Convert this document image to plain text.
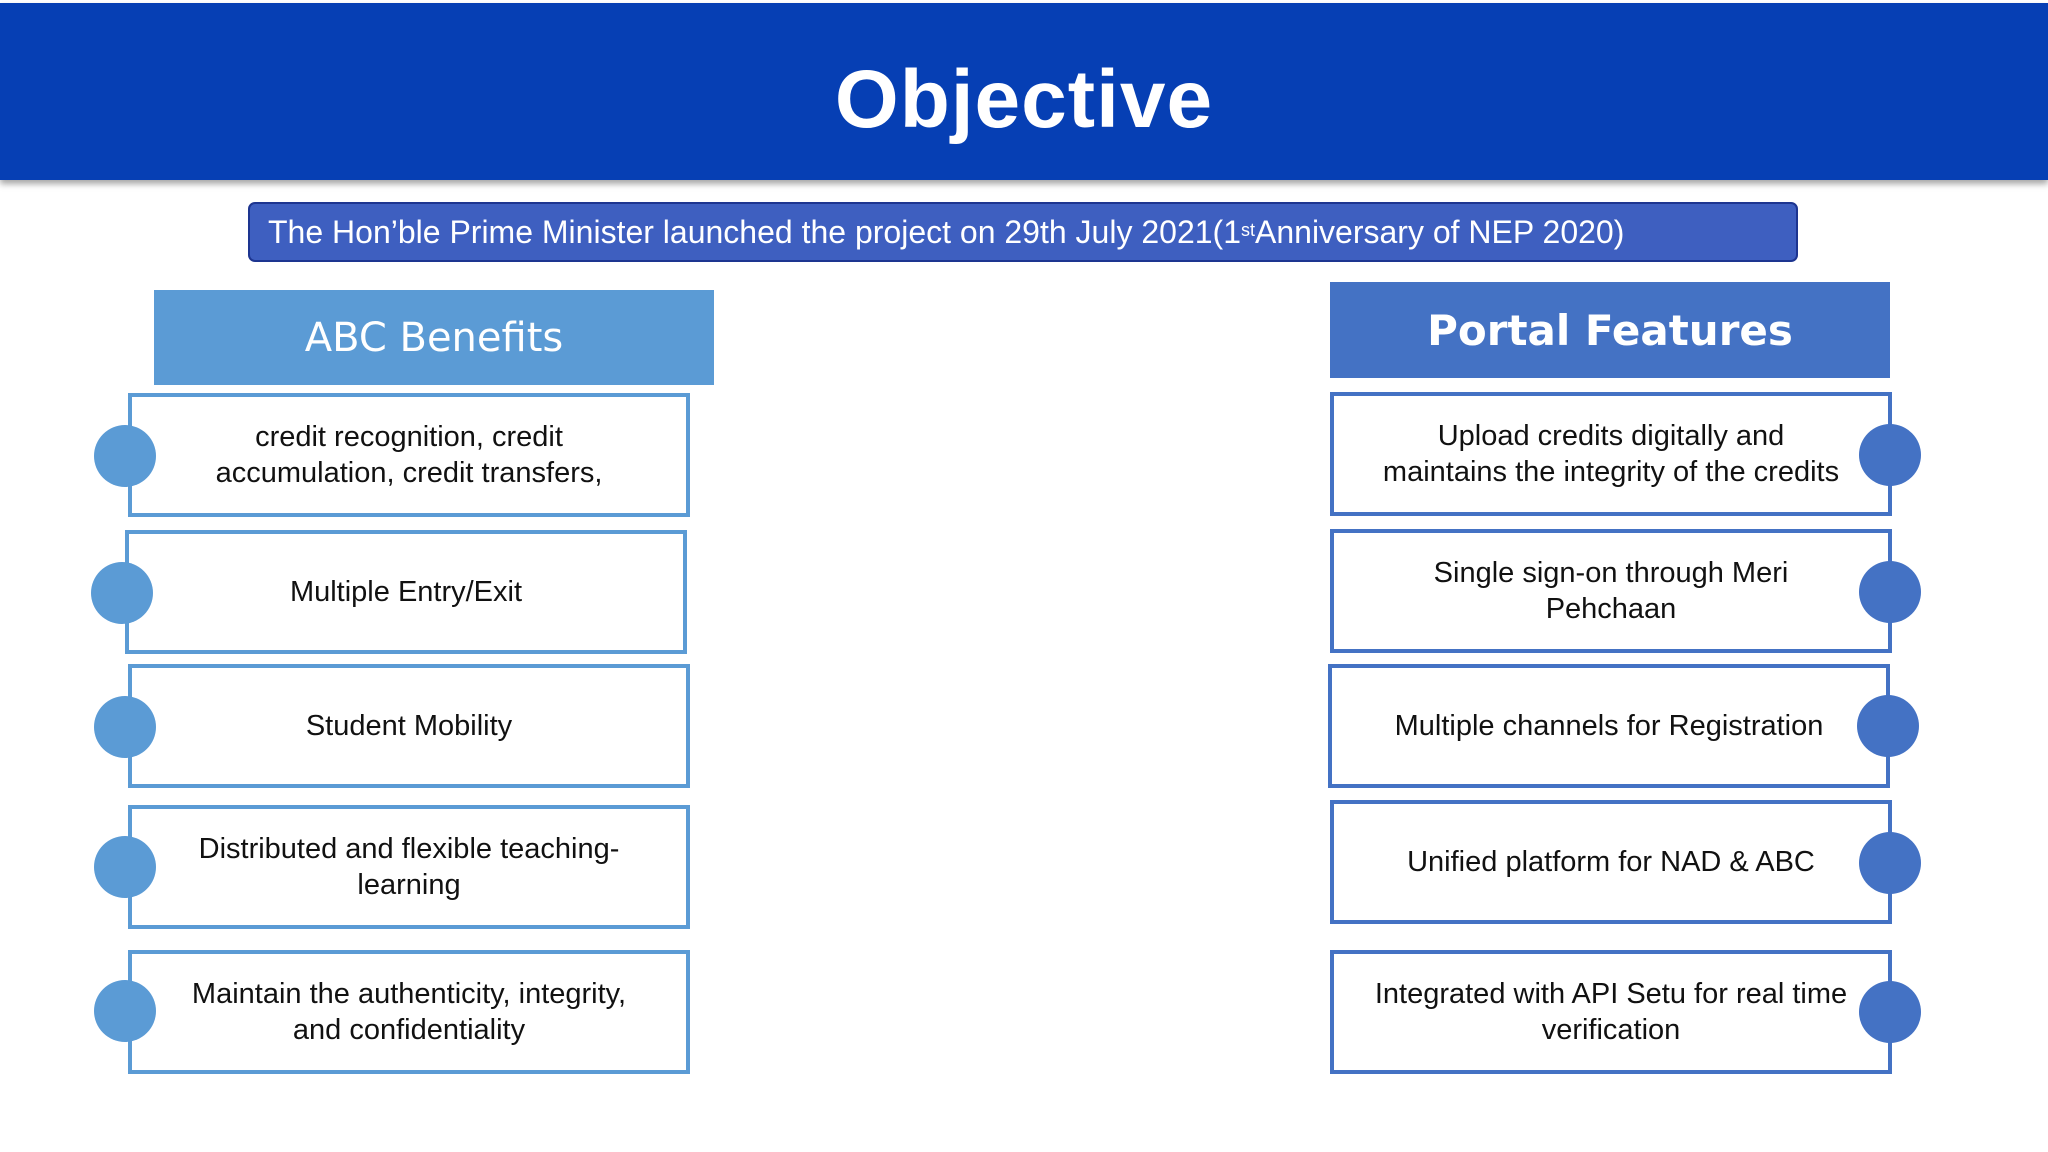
Objective
The Hon’ble Prime Minister launched the project on 29th July 2021(1st Anniversary of NEP 2020)
ABC Benefits
credit recognition, credit accumulation, credit transfers,
Multiple Entry/Exit
Student Mobility
Distributed and flexible teaching-learning
Maintain the authenticity, integrity, and confidentiality
Portal Features
Upload credits digitally and maintains the integrity of the credits
Single sign-on through Meri Pehchaan
Multiple channels for Registration
Unified platform for NAD & ABC
Integrated with API Setu for real time verification
